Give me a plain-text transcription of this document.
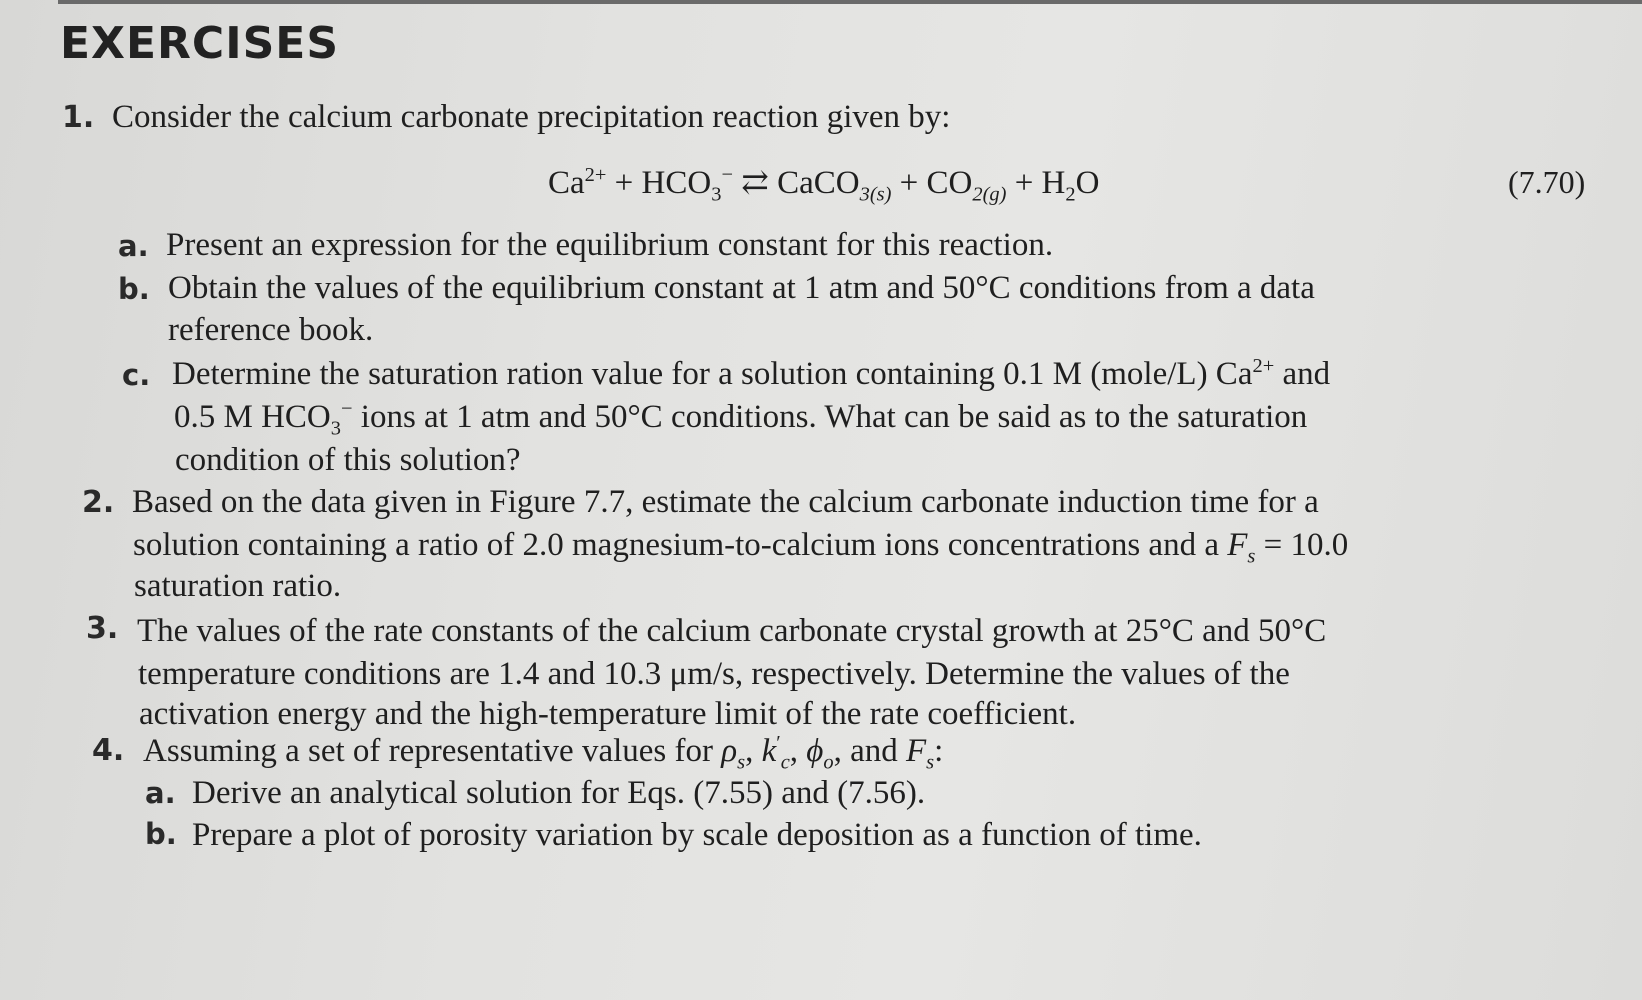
EXERCISES
1. Consider the calcium carbonate precipitation reaction given by:
$Ca^{2+} + HCO_3^-$ ⇄ CaCO$_{3(s)}$ + $CO_{2(g)} + H_2O$	(7.70)
a. Present an expression for the equilibrium constant for this reaction.
b. Obtain the values of the equilibrium constant at 1 atm and 50°C conditions from a data
reference book.
c. Determine the saturation ration value for a solution containing 0.1 M (mole/L) $Ca^{2+}$ and
0.5 M $HCO_3^-$ ions at 1 atm and 50°C conditions. What can be said as to the saturation
condition of this solution?
2. Based on the data given in Figure 7.7, estimate the calcium carbonate induction time for a
solution containing a ratio of 2.0 magnesium-to-calcium ions concentrations and a $F_s = 10.0$
saturation ratio.
3. The values of the rate constants of the calcium carbonate crystal growth at 25°C and 50°C
temperature conditions are 1.4 and 10.3 μm/s, respectively. Determine the values of the
activation energy and the high-temperature limit of the rate coefficient.
4. Assuming a set of representative values for $\rho_s$, $k'_c$, $\phi_o$, and $F_s$:
a. Derive an analytical solution for Eqs. (7.55) and (7.56).
b. Prepare a plot of porosity variation by scale deposition as a function of time.
